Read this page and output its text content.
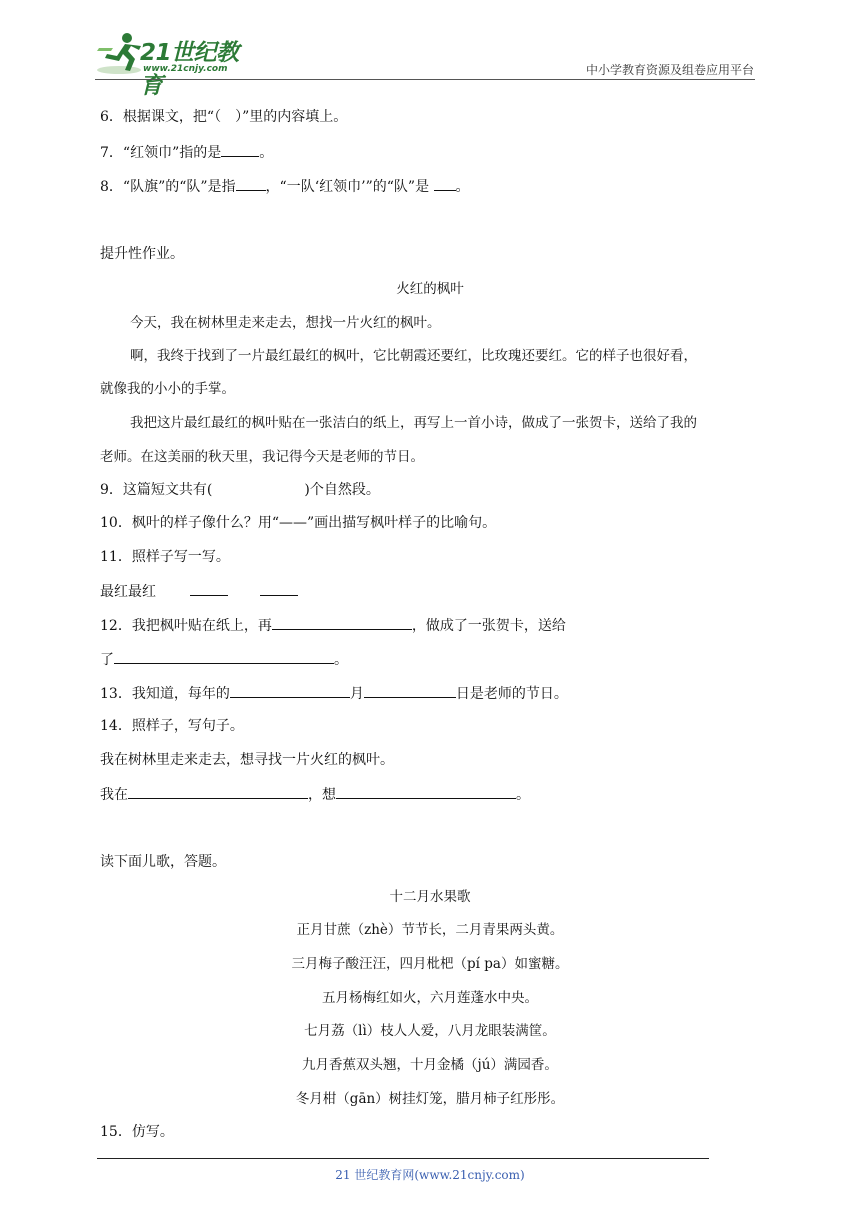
21世纪教育
www.21cnjy.com	中小学教育资源及组卷应用平台
6．根据课文，把“（　）”里的内容填上。
7．“红领巾”指的是	。
8．“队旗”的“队”是指 ，“一队‘红领巾’”的“队”是 。
提升性作业。
火红的枫叶
今天，我在树林里走来走去，想找一片火红的枫叶。
啊，我终于找到了一片最红最红的枫叶，它比朝霞还要红，比玫瑰还要红。它的样子也很好看，
就像我的小小的手掌。
我把这片最红最红的枫叶贴在一张洁白的纸上，再写上一首小诗，做成了一张贺卡，送给了我的
老师。在这美丽的秋天里，我记得今天是老师的节日。
9．这篇短文共有(	)个自然段。
10．枫叶的样子像什么？用“——”画出描写枫叶样子的比喻句。
11．照样子写一写。
最红最红
12．我把枫叶贴在纸上，再	，做成了一张贺卡，送给
了	。
13．我知道，每年的	月	日是老师的节日。
14．照样子，写句子。
我在树林里走来走去，想寻找一片火红的枫叶。
我在	，想	。
读下面儿歌，答题。
十二月水果歌
正月甘蔗（zhè）节节长，二月青果两头黄。
三月梅子酸汪汪，四月枇杷（pí pa）如蜜糖。
五月杨梅红如火，六月莲蓬水中央。
七月荔（lì）枝人人爱，八月龙眼装满筐。
九月香蕉双头翘，十月金橘（jú）满园香。
冬月柑（gān）树挂灯笼，腊月柿子红彤彤。
15．仿写。
21 世纪教育网(www.21cnjy.com)
